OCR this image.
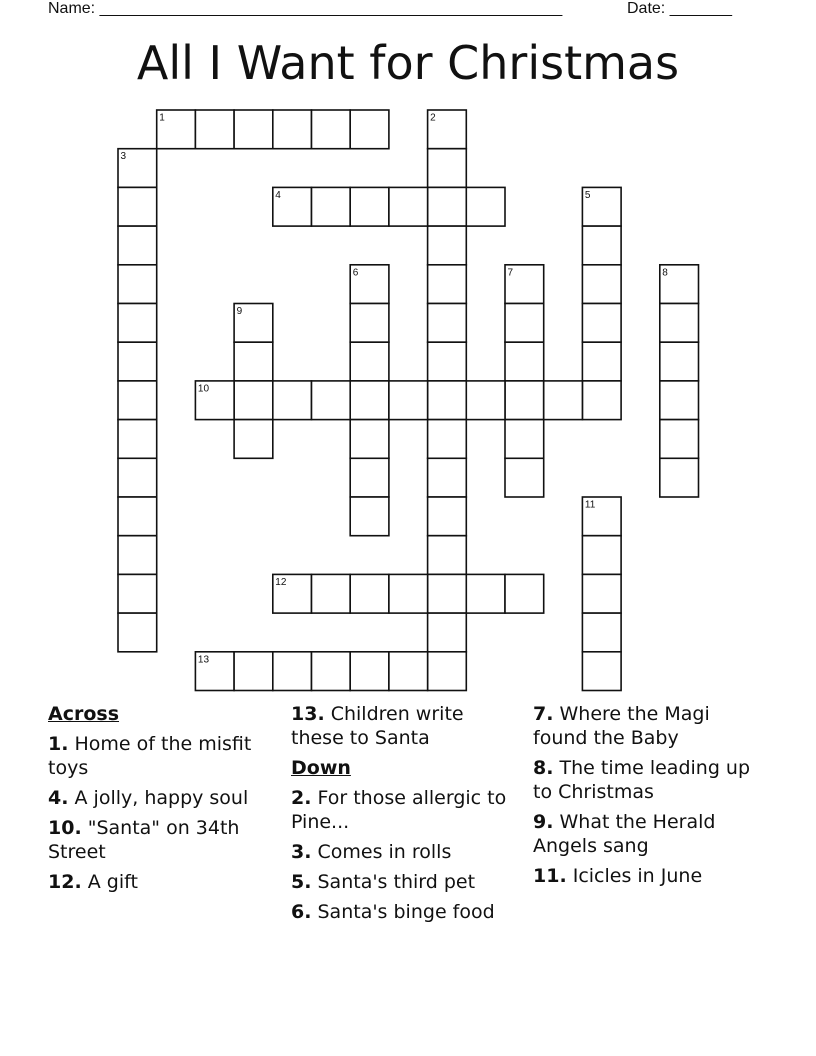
Name: ____________________________________________________	Date: _______
All I Want for Christmas
1	2
3
4	5
6	7	8
9
10
11
12
13
Across
1. Home of the misfit toys
4. A jolly, happy soul
10. "Santa" on 34th Street
12. A gift
13. Children write these to Santa
Down
2. For those allergic to Pine...
3. Comes in rolls
5. Santa's third pet
6. Santa's binge food
7. Where the Magi found the Baby
8. The time leading up to Christmas
9. What the Herald Angels sang
11. Icicles in June
